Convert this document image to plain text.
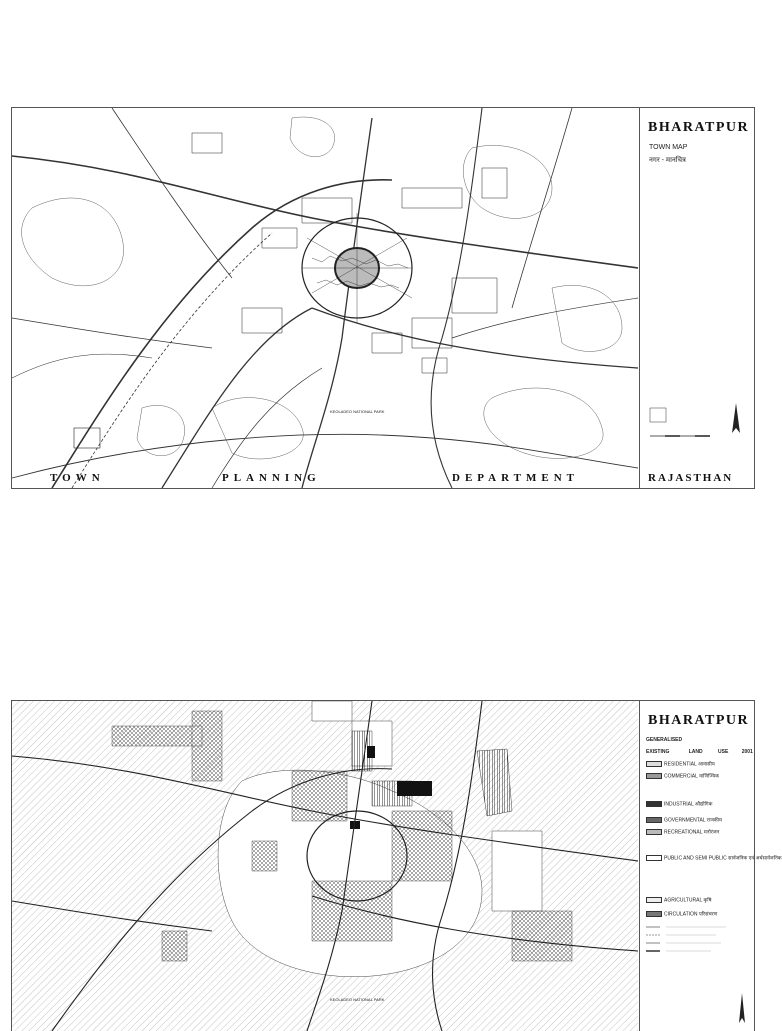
KEOLADEO NATIONAL PARK
TOWN	PLANNING	DEPARTMENT
BHARATPUR
TOWN MAP
नगर - मानचित्र
RAJASTHAN
KEOLADEO NATIONAL PARK
BHARATPUR
GENERALISED
EXISTING	LAND	USE	2001
RESIDENTIAL आवासीय
COMMERCIAL वाणिज्यिक
INDUSTRIAL औद्योगिक
GOVERNMENTAL राजकीय
RECREATIONAL मनोरंजन
PUBLIC AND SEMI PUBLIC सार्वजनिक एवं अर्धसार्वजनिक
AGRICULTURAL कृषि
CIRCULATION परिसंचरण
